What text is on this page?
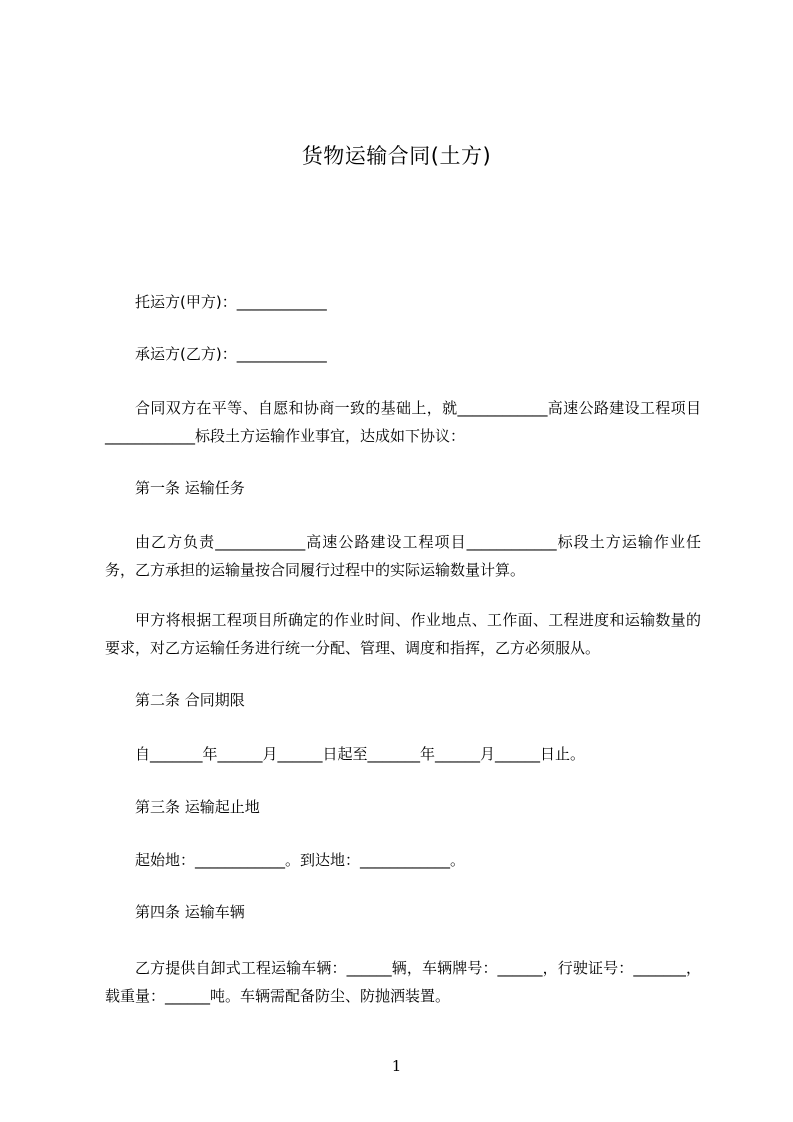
货物运输合同(土方)
托运方(甲方)：____________
承运方(乙方)：____________
合同双方在平等、自愿和协商一致的基础上，就____________高速公路建设工程项目____________标段土方运输作业事宜，达成如下协议：
第一条 运输任务
由乙方负责____________高速公路建设工程项目____________标段土方运输作业任务，乙方承担的运输量按合同履行过程中的实际运输数量计算。
甲方将根据工程项目所确定的作业时间、作业地点、工作面、工程进度和运输数量的要求，对乙方运输任务进行统一分配、管理、调度和指挥，乙方必须服从。
第二条 合同期限
自_______年______月______日起至_______年______月______日止。
第三条 运输起止地
起始地：____________。到达地：____________。
第四条 运输车辆
乙方提供自卸式工程运输车辆：______辆，车辆牌号：______，行驶证号：_______，载重量：______吨。车辆需配备防尘、防抛洒装置。
1
